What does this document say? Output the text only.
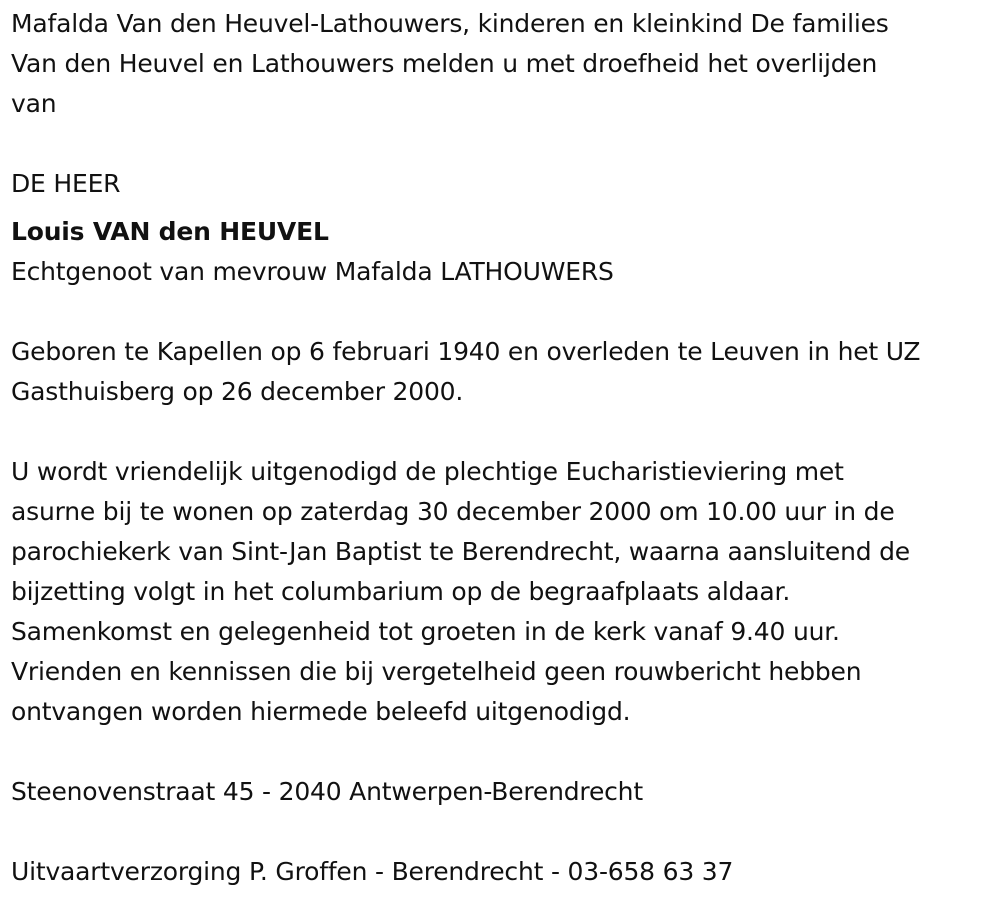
Mafalda Van den Heuvel-Lathouwers, kinderen en kleinkind De families
Van den Heuvel en Lathouwers melden u met droefheid het overlijden
van
DE HEER
Louis VAN den HEUVEL
Echtgenoot van mevrouw Mafalda LATHOUWERS
Geboren te Kapellen op 6 februari 1940 en overleden te Leuven in het UZ
Gasthuisberg op 26 december 2000.
U wordt vriendelijk uitgenodigd de plechtige Eucharistieviering met
asurne bij te wonen op zaterdag 30 december 2000 om 10.00 uur in de
parochiekerk van Sint-Jan Baptist te Berendrecht, waarna aansluitend de
bijzetting volgt in het columbarium op de begraafplaats aldaar.
Samenkomst en gelegenheid tot groeten in de kerk vanaf 9.40 uur.
Vrienden en kennissen die bij vergetelheid geen rouwbericht hebben
ontvangen worden hiermede beleefd uitgenodigd.
Steenovenstraat 45 - 2040 Antwerpen-Berendrecht
Uitvaartverzorging P. Groffen - Berendrecht - 03-658 63 37
